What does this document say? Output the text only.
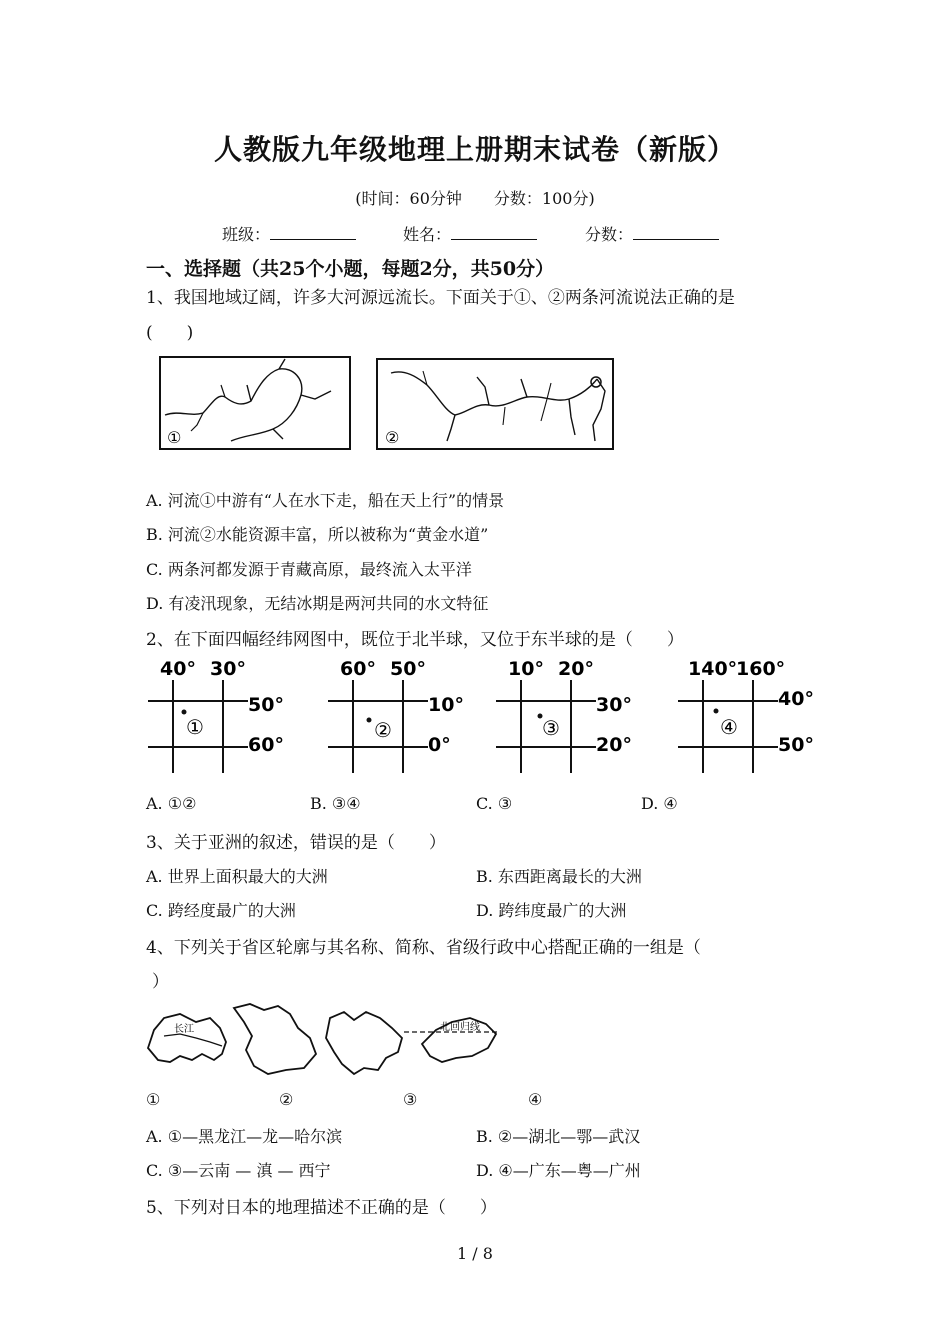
人教版九年级地理上册期末试卷（新版）
(时间：60分钟　　分数：100分)
班级：	姓名：	分数：
一、选择题（共25个小题，每题2分，共50分）
1、我国地域辽阔，许多大河源远流长。下面关于①、②两条河流说法正确的是
(　　)
①	②
A. 河流①中游有“人在水下走，船在天上行”的情景
B. 河流②水能资源丰富，所以被称为“黄金水道”
C. 两条河都发源于青藏高原，最终流入太平洋
D. 有凌汛现象，无结冰期是两河共同的水文特征
2、在下面四幅经纬网图中，既位于北半球，又位于东半球的是（　　）
40° 30°
50°
60°
①
60° 50°
10°
0°
②
10° 20°
30°
20°
③
140°
160°
40°
50°
④
A. ①②	B. ③④	C. ③	D. ④
3、关于亚洲的叙述，错误的是（　　）
A. 世界上面积最大的大洲	B. 东西距离最长的大洲
C. 跨经度最广的大洲	D. 跨纬度最广的大洲
4、下列关于省区轮廓与其名称、简称、省级行政中心搭配正确的一组是（
）
长江	北回归线
①	②	③	④
A. ①—黑龙江—龙—哈尔滨	B. ②—湖北—鄂—武汉
C. ③—云南 — 滇 — 西宁	D. ④—广东—粤—广州
5、下列对日本的地理描述不正确的是（　　）
1 / 8
